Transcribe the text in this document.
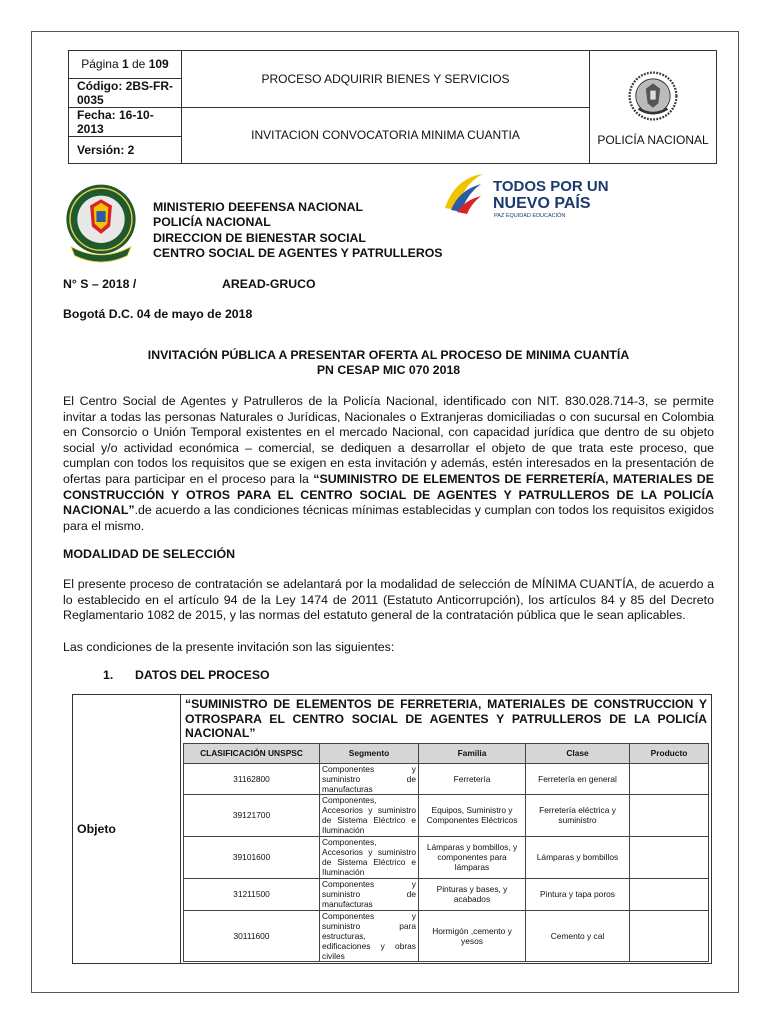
Página 1 de 109	PROCESO ADQUIRIR BIENES Y SERVICIOS	POLICÍA NACIONAL

Código: 2BS-FR-0035		
Fecha: 16-10-2013	INVITACION CONVOCATORIA MINIMA CUANTIA	
Versión: 2		
MINISTERIO DEEFENSA NACIONAL
POLICÍA NACIONAL
DIRECCION DE BIENESTAR SOCIAL
CENTRO SOCIAL DE AGENTES Y PATRULLEROS
TODOS POR UN
NUEVO PAÍS
PAZ EQUIDAD EDUCACIÓN
N° S – 2018 /	AREAD-GRUCO
Bogotá D.C. 04 de mayo de 2018
INVITACIÓN PÚBLICA A PRESENTAR OFERTA AL PROCESO DE MINIMA CUANTÍA
PN CESAP MIC 070 2018
El Centro Social de Agentes y Patrulleros de la Policía Nacional, identificado con NIT. 830.028.714-3, se permite invitar a todas las personas Naturales o Jurídicas, Nacionales o Extranjeras domiciliadas o con sucursal en Colombia en Consorcio o Unión Temporal existentes en el mercado Nacional, con capacidad jurídica que dentro de su objeto social y/o actividad económica – comercial, se dediquen a desarrollar el objeto de que trata este proceso, que cumplan con todos los requisitos que se exigen en esta invitación y además, estén interesados en la presentación de ofertas para participar en el proceso para la “SUMINISTRO DE ELEMENTOS DE FERRETERÍA, MATERIALES DE CONSTRUCCIÓN Y OTROS PARA EL CENTRO SOCIAL DE AGENTES Y PATRULLEROS DE LA POLICÍA NACIONAL”.de acuerdo a las condiciones técnicas mínimas establecidas y cumplan con todos los requisitos exigidos para el mismo.
MODALIDAD DE SELECCIÓN
El presente proceso de contratación se adelantará por la modalidad de selección de MÍNIMA CUANTÍA, de acuerdo a lo establecido en el artículo 94 de la Ley 1474 de 2011 (Estatuto Anticorrupción), los artículos 84 y 85 del Decreto Reglamentario 1082 de 2015, y las normas del estatuto general de la contratación pública que le sean aplicables.
Las condiciones de la presente invitación son las siguientes:
1. DATOS DEL PROCESO
Objeto	
“SUMINISTRO DE ELEMENTOS DE FERRETERIA, MATERIALES DE CONSTRUCCION Y OTROSPARA EL CENTRO SOCIAL DE AGENTES Y PATRULLEROS DE LA POLICÍA NACIONAL”
CLASIFICACIÓN UNSPSC	Segmento	Familia	Clase	Producto
31162800	Componentes y suministro de manufacturas	Ferretería	Ferretería en general	
39121700	Componentes, Accesorios y suministro de Sistema Eléctrico e Iluminación	Equipos, Suministro y Componentes Eléctricos	Ferretería eléctrica y suministro	
39101600	Componentes, Accesorios y suministro de Sistema Eléctrico e Iluminación	Lámparas y bombillos, y componentes para lámparas	Lámparas y bombillos	
31211500	Componentes y suministro de manufacturas	Pinturas y bases, y acabados	Pintura y tapa poros	
30111600	Componentes y suministro para estructuras, edificaciones y obras civiles	Hormigón ,cemento y yesos	Cemento y cal	
